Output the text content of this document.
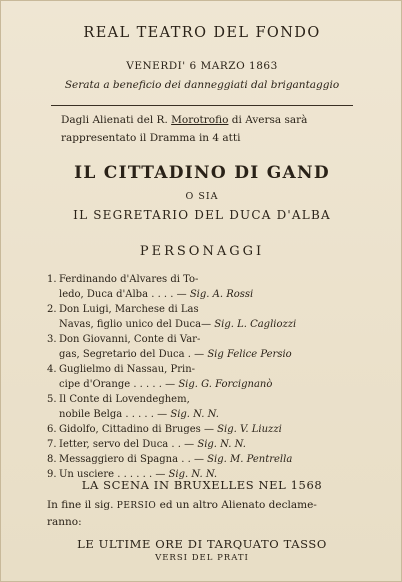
REAL TEATRO DEL FONDO
VENERDI' 6 MARZO 1863
Serata a beneficio dei danneggiati dal brigantaggio
Dagli Alienati del R. Morotrofio di Aversa sarà
rappresentato il Dramma in 4 atti
IL CITTADINO DI GAND
O SIA
IL SEGRETARIO DEL DUCA D'ALBA
PERSONAGGI
1. Ferdinando d'Alvares di To-
ledo, Duca d'Alba . . . . — Sig. A. Rossi
2. Don Luigi, Marchese di Las
Navas, figlio unico del Duca— Sig. L. Cagliozzi
3. Don Giovanni, Conte di Var-
gas, Segretario del Duca . — Sig Felice Persio
4. Guglielmo di Nassau, Prin-
cipe d'Orange . . . . . — Sig. G. Forcignanò
5. Il Conte di Lovendeghem,
nobile Belga . . . . . — Sig. N. N.
6. Gidolfo, Cittadino di Bruges — Sig. V. Liuzzi
7. Ietter, servo del Duca . . — Sig. N. N.
8. Messaggiero di Spagna . . — Sig. M. Pentrella
9. Un usciere . . . . . . — Sig. N. N.
LA SCENA IN BRUXELLES NEL 1568
In fine il sig. PERSIO ed un altro Alienato declame-
ranno:
LE ULTIME ORE DI TARQUATO TASSO
VERSI DEL PRATI
